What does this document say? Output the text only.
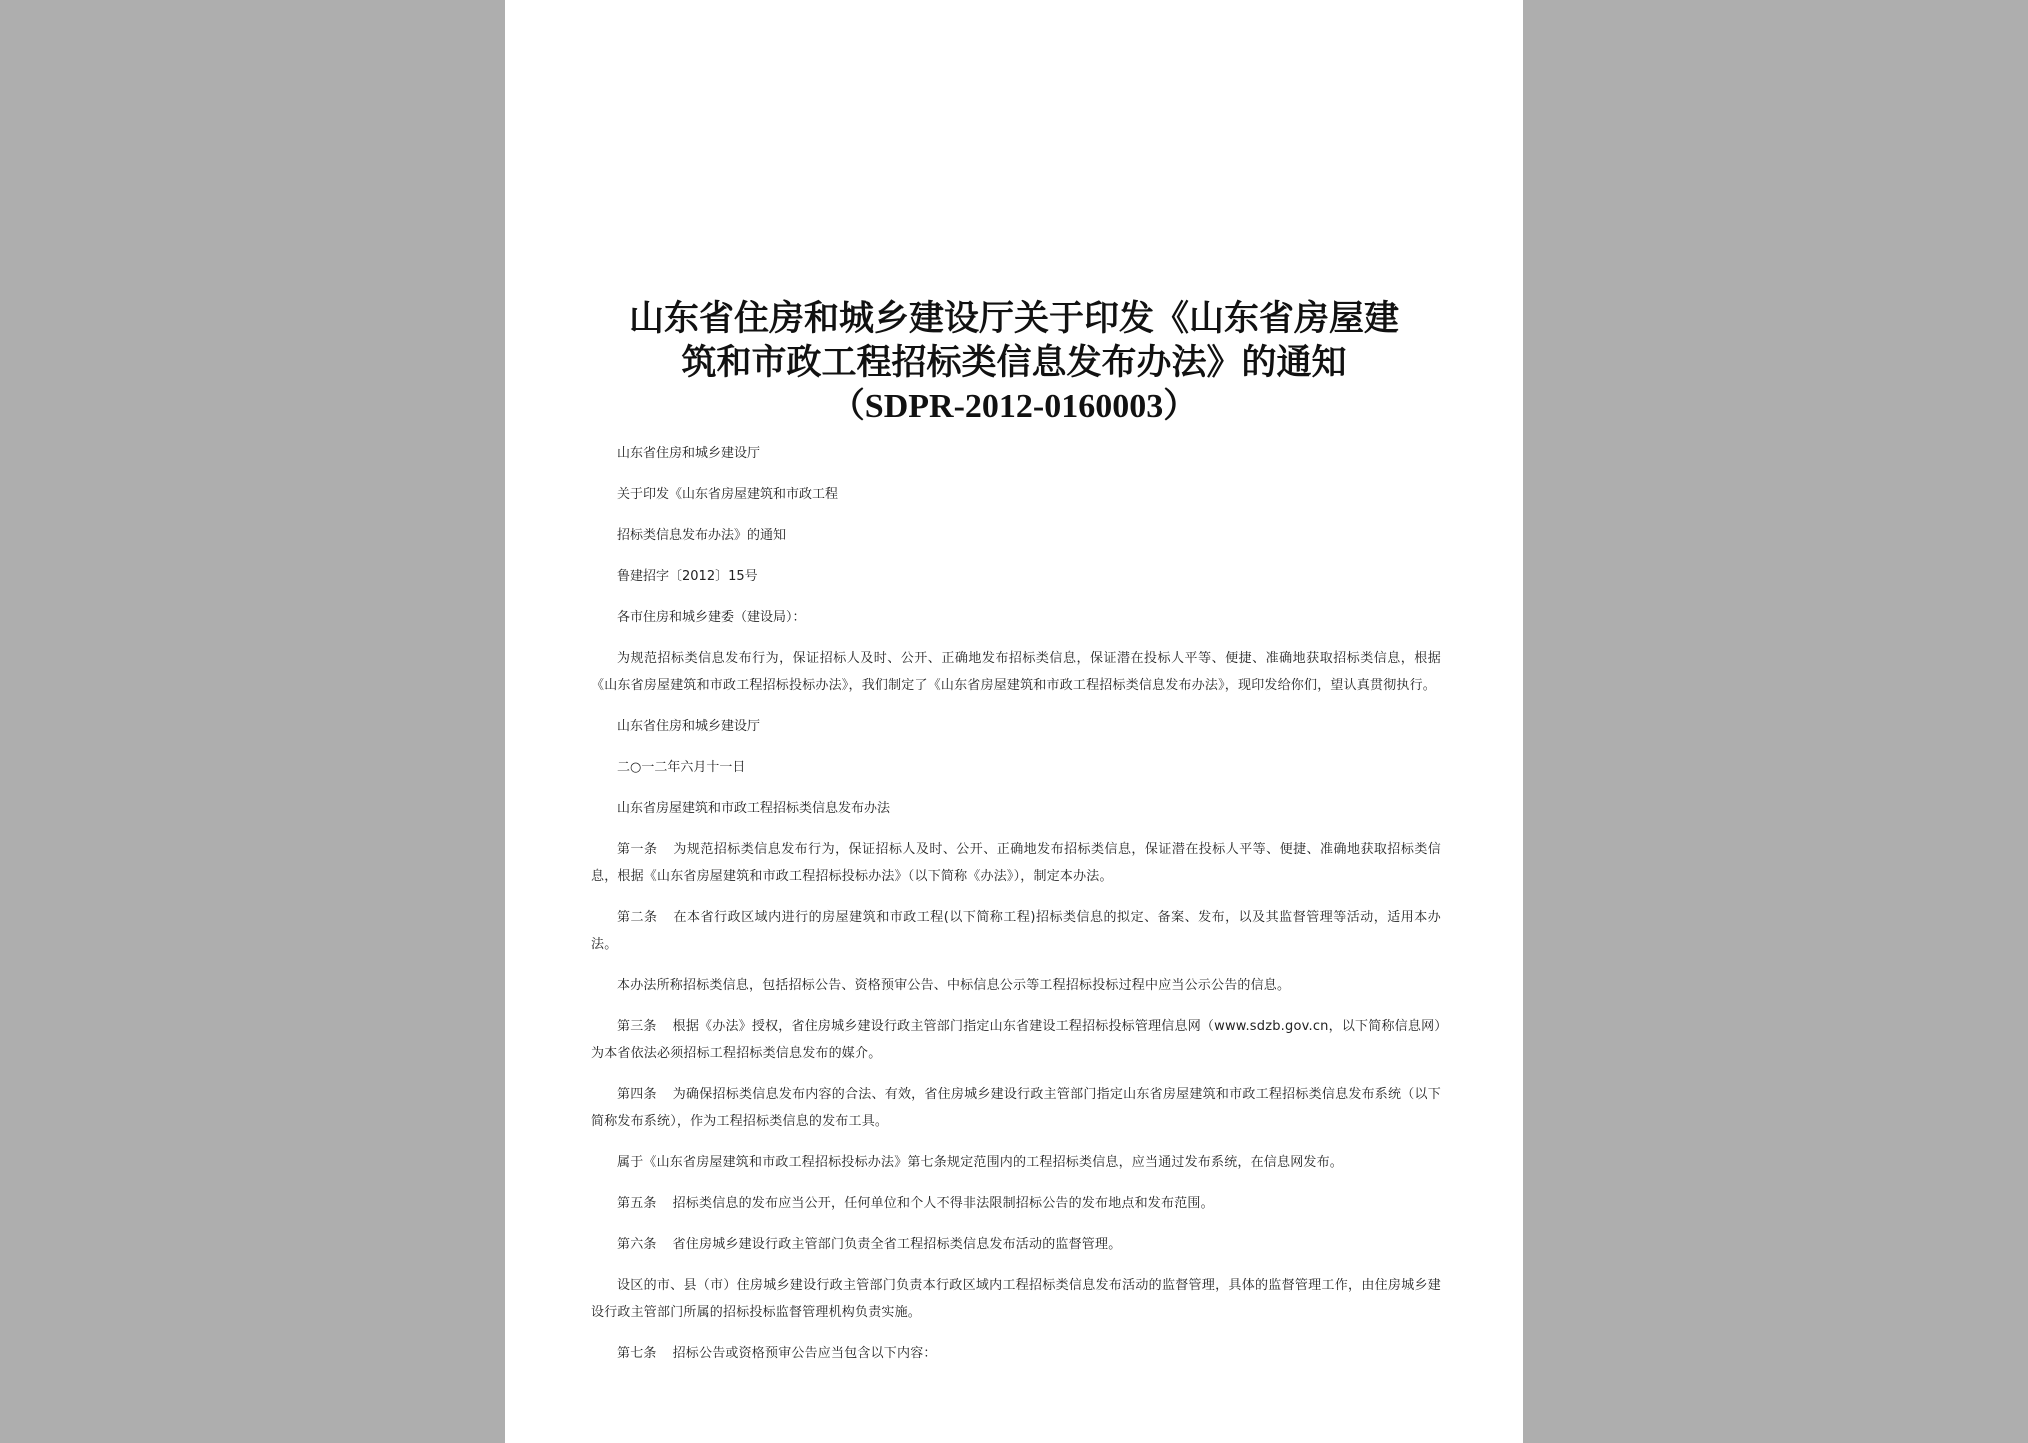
山东省住房和城乡建设厅关于印发《山东省房屋建
筑和市政工程招标类信息发布办法》的通知
（SDPR-2012-0160003）

山东省住房和城乡建设厅

关于印发《山东省房屋建筑和市政工程

招标类信息发布办法》的通知

鲁建招字〔2012〕15号

各市住房和城乡建委（建设局）：

为规范招标类信息发布行为，保证招标人及时、公开、正确地发布招标类信息，保证潜在投标人平等、便捷、准确地获取招标类信息，根据《山东省房屋建筑和市政工程招标投标办法》，我们制定了《山东省房屋建筑和市政工程招标类信息发布办法》，现印发给你们，望认真贯彻执行。

山东省住房和城乡建设厅

二○一二年六月十一日

山东省房屋建筑和市政工程招标类信息发布办法

第一条 为规范招标类信息发布行为，保证招标人及时、公开、正确地发布招标类信息，保证潜在投标人平等、便捷、准确地获取招标类信息，根据《山东省房屋建筑和市政工程招标投标办法》（以下简称《办法》），制定本办法。

第二条 在本省行政区域内进行的房屋建筑和市政工程(以下简称工程)招标类信息的拟定、备案、发布，以及其监督管理等活动，适用本办法。

本办法所称招标类信息，包括招标公告、资格预审公告、中标信息公示等工程招标投标过程中应当公示公告的信息。

第三条 根据《办法》授权，省住房城乡建设行政主管部门指定山东省建设工程招标投标管理信息网（www.sdzb.gov.cn，以下简称信息网）为本省依法必须招标工程招标类信息发布的媒介。

第四条 为确保招标类信息发布内容的合法、有效，省住房城乡建设行政主管部门指定山东省房屋建筑和市政工程招标类信息发布系统（以下简称发布系统），作为工程招标类信息的发布工具。

属于《山东省房屋建筑和市政工程招标投标办法》第七条规定范围内的工程招标类信息，应当通过发布系统，在信息网发布。

第五条 招标类信息的发布应当公开，任何单位和个人不得非法限制招标公告的发布地点和发布范围。

第六条 省住房城乡建设行政主管部门负责全省工程招标类信息发布活动的监督管理。

设区的市、县（市）住房城乡建设行政主管部门负责本行政区域内工程招标类信息发布活动的监督管理，具体的监督管理工作，由住房城乡建设行政主管部门所属的招标投标监督管理机构负责实施。

第七条 招标公告或资格预审公告应当包含以下内容：
